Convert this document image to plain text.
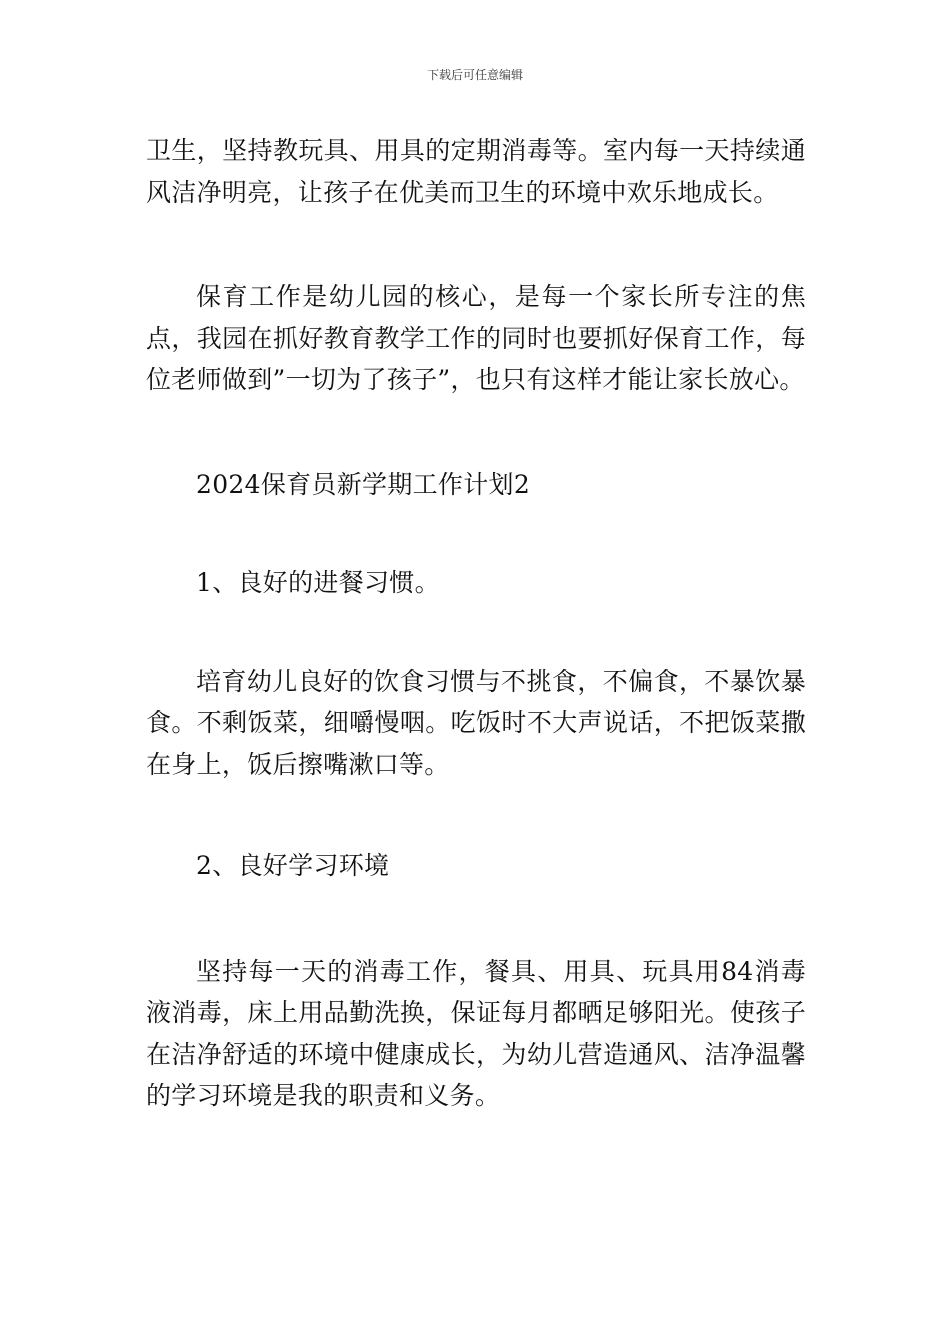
下载后可任意编辑

卫生，坚持教玩具、用具的定期消毒等。室内每一天持续通风洁净明亮，让孩子在优美而卫生的环境中欢乐地成长。

保育工作是幼儿园的核心，是每一个家长所专注的焦点，我园在抓好教育教学工作的同时也要抓好保育工作，每位老师做到”一切为了孩子”，也只有这样才能让家长放心。

2024保育员新学期工作计划2

1、良好的进餐习惯。

培育幼儿良好的饮食习惯与不挑食，不偏食，不暴饮暴食。不剩饭菜，细嚼慢咽。吃饭时不大声说话，不把饭菜撒在身上，饭后擦嘴漱口等。

2、良好学习环境

坚持每一天的消毒工作，餐具、用具、玩具用84消毒液消毒，床上用品勤洗换，保证每月都晒足够阳光。使孩子在洁净舒适的环境中健康成长，为幼儿营造通风、洁净温馨的学习环境是我的职责和义务。
